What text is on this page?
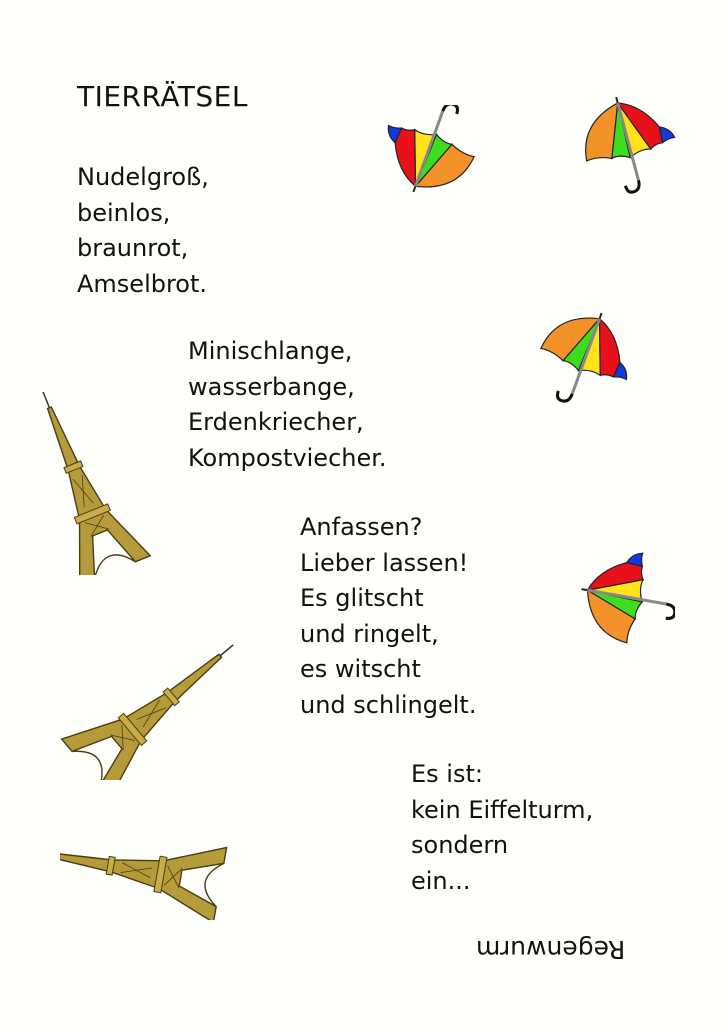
TIERRÄTSEL
Nudelgroß,
beinlos,
braunrot,
Amselbrot.
Minischlange,
wasserbange,
Erdenkriecher,
Kompostviecher.
Anfassen?
Lieber lassen!
Es glitscht
und ringelt,
es witscht
und schlingelt.
Es ist:
kein Eiffelturm,
sondern
ein...
Regenwurm
